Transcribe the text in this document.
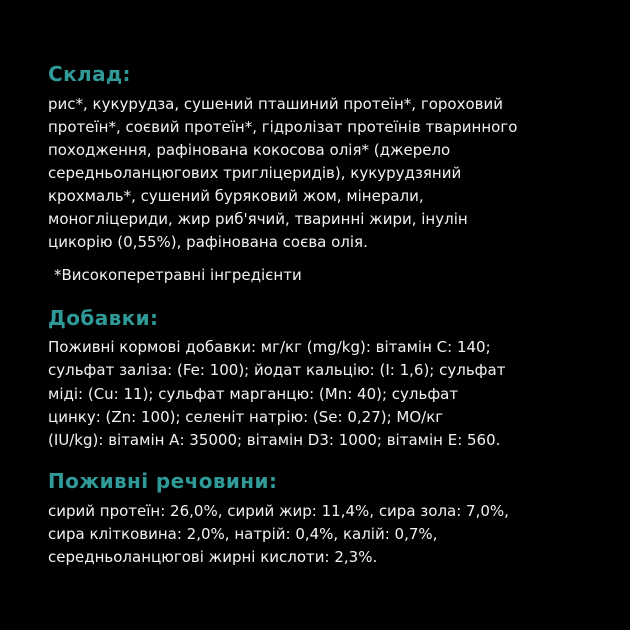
Склад:

рис*, кукурудза, сушений пташиний протеїн*, гороховий

протеїн*, соєвий протеїн*, гідролізат протеїнів тваринного

походження, рафінована кокосова олія* (джерело

середньоланцюгових тригліцеридів), кукурудзяний

крохмаль*, сушений буряковий жом, мінерали,

моногліцериди, жир риб'ячий, тваринні жири, інулін

цикорію (0,55%), рафінована соєва олія.

*Високоперетравні інгредієнти

Добавки:

Поживні кормові добавки: мг/кг (mg/kg): вітамін С: 140;

сульфат заліза: (Fe: 100); йодат кальцію: (I: 1,6); сульфат

міді: (Cu: 11); сульфат марганцю: (Mn: 40); сульфат

цинку: (Zn: 100); селеніт натрію: (Se: 0,27); МО/кг

(IU/kg): вітамін А: 35000; вітамін D3: 1000; вітамін Е: 560.

Поживні речовини:

сирий протеїн: 26,0%, сирий жир: 11,4%, сира зола: 7,0%,

сира клітковина: 2,0%, натрій: 0,4%, калій: 0,7%,

середньоланцюгові жирні кислоти: 2,3%.
